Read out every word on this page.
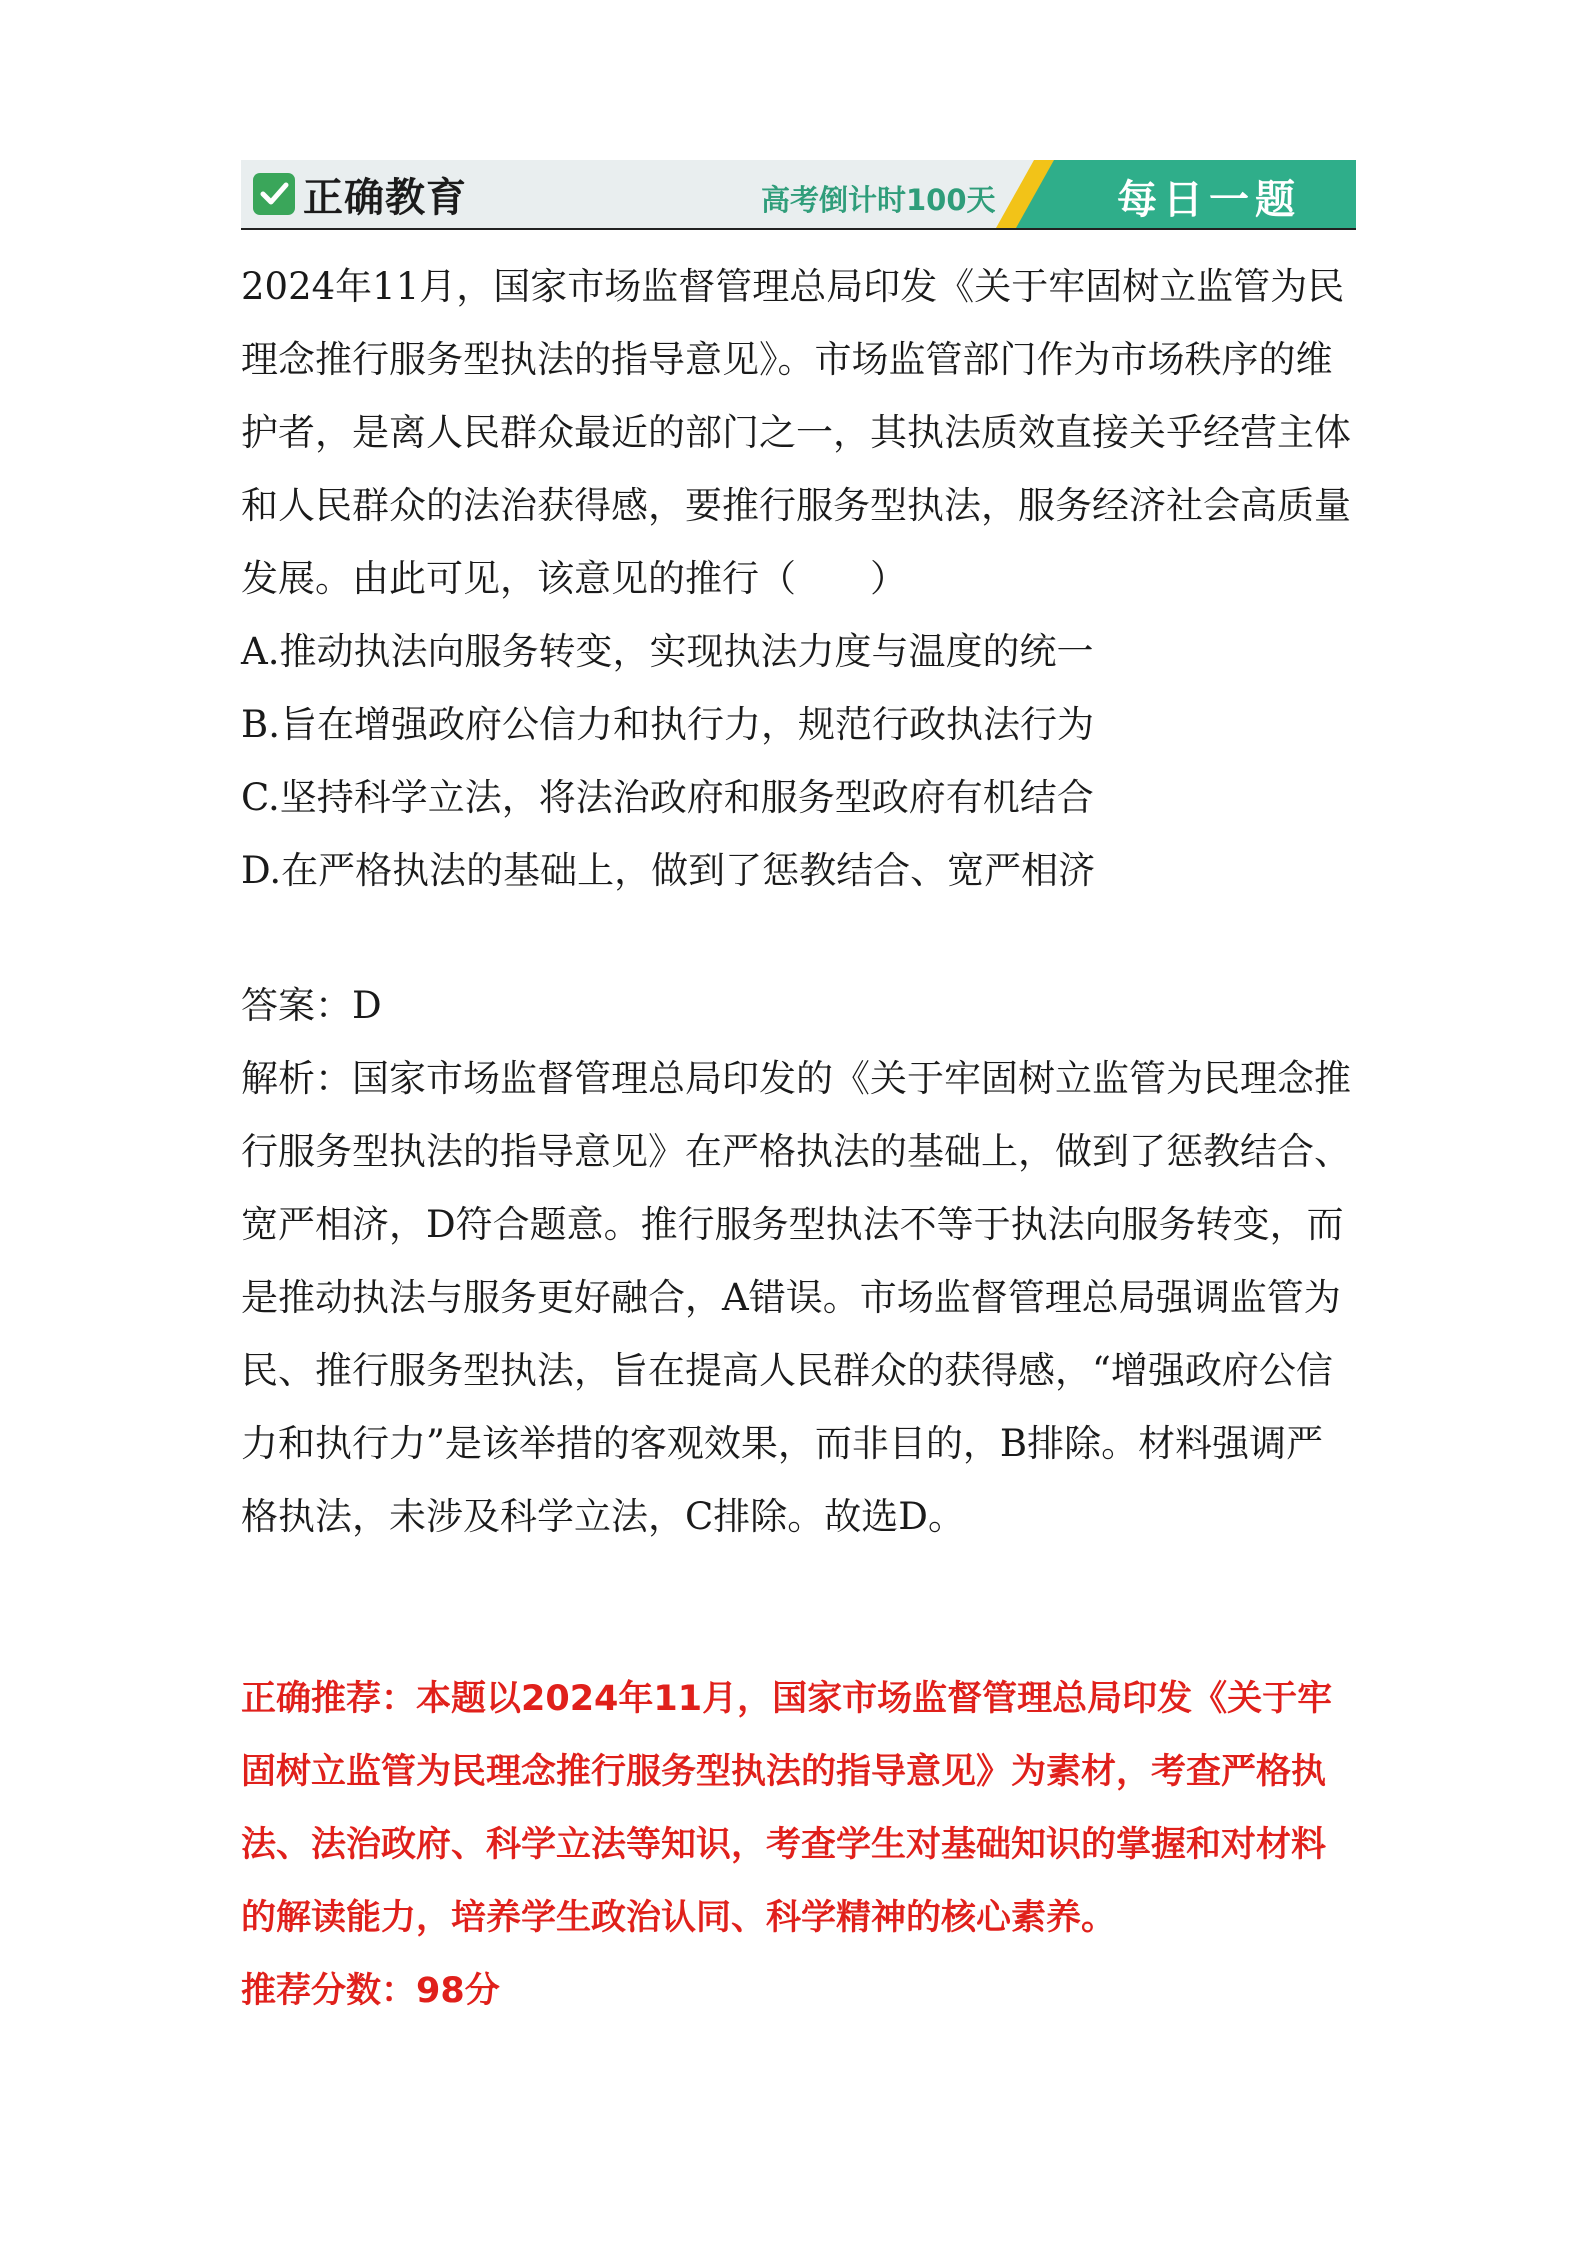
正确教育	高考倒计时100天	每日一题

2024年11月，国家市场监督管理总局印发《关于牢固树立监管为民理念推行服务型执法的指导意见》。市场监管部门作为市场秩序的维护者，是离人民群众最近的部门之一，其执法质效直接关乎经营主体和人民群众的法治获得感，要推行服务型执法，服务经济社会高质量发展。由此可见，该意见的推行（　　）

A.推动执法向服务转变，实现执法力度与温度的统一

B.旨在增强政府公信力和执行力，规范行政执法行为

C.坚持科学立法，将法治政府和服务型政府有机结合

D.在严格执法的基础上，做到了惩教结合、宽严相济

答案：D

解析：国家市场监督管理总局印发的《关于牢固树立监管为民理念推行服务型执法的指导意见》在严格执法的基础上，做到了惩教结合、宽严相济，D符合题意。推行服务型执法不等于执法向服务转变，而是推动执法与服务更好融合，A错误。市场监督管理总局强调监管为民、推行服务型执法，旨在提高人民群众的获得感，“增强政府公信力和执行力”是该举措的客观效果，而非目的，B排除。材料强调严格执法，未涉及科学立法，C排除。故选D。

正确推荐：本题以2024年11月，国家市场监督管理总局印发《关于牢固树立监管为民理念推行服务型执法的指导意见》为素材，考查严格执法、法治政府、科学立法等知识，考查学生对基础知识的掌握和对材料的解读能力，培养学生政治认同、科学精神的核心素养。

推荐分数：98分
